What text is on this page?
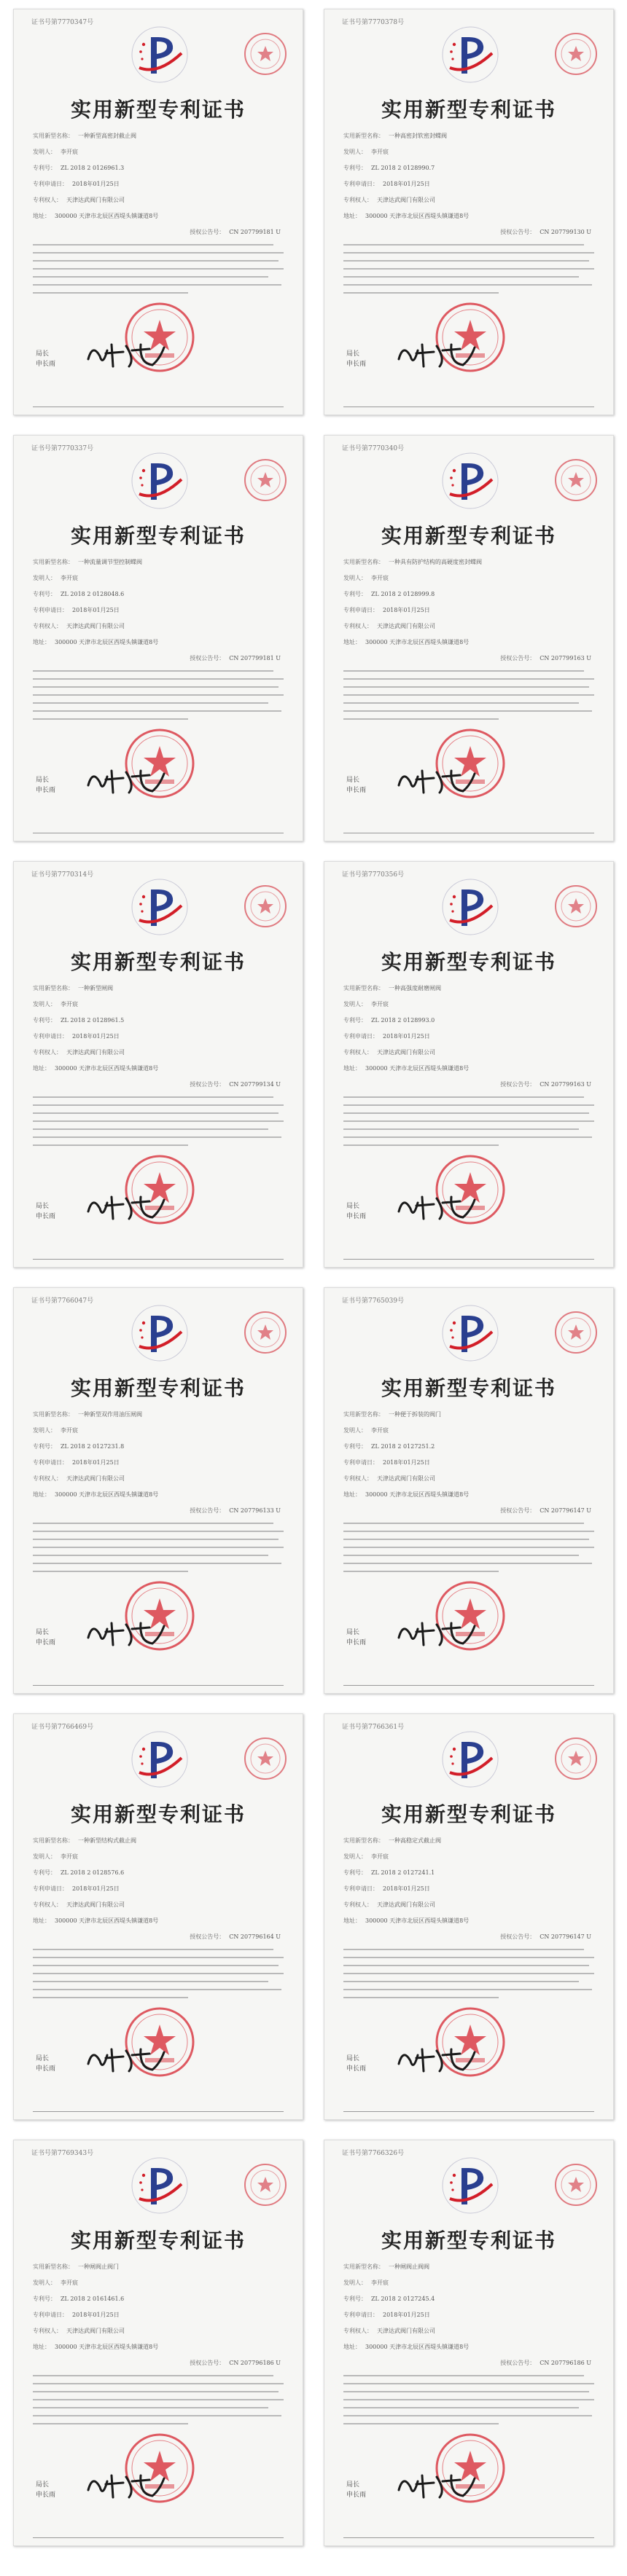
证书号第7770347号
实用新型专利证书
实用新型名称： 一种新型高密封截止阀
发明人： 李开宸
专利号： ZL 2018 2 0126961.3
专利申请日： 2018年01月25日
专利权人： 天津达武阀门有限公司
地址： 300000 天津市北辰区西堤头镇谦道8号
授权公告号： CN 207799181 U
局长
申长雨
证书号第7770378号
实用新型专利证书
实用新型名称： 一种高密封软密封蝶阀
发明人： 李开宸
专利号： ZL 2018 2 0128990.7
专利申请日： 2018年01月25日
专利权人： 天津达武阀门有限公司
地址： 300000 天津市北辰区西堤头镇谦道8号
授权公告号： CN 207799130 U
局长
申长雨
证书号第7770337号
实用新型专利证书
实用新型名称： 一种流量调节型控制蝶阀
发明人： 李开宸
专利号： ZL 2018 2 0128048.6
专利申请日： 2018年01月25日
专利权人： 天津达武阀门有限公司
地址： 300000 天津市北辰区西堤头镇谦道8号
授权公告号： CN 207799181 U
局长
申长雨
证书号第7770340号
实用新型专利证书
实用新型名称： 一种具有防护结构的高硬度密封蝶阀
发明人： 李开宸
专利号： ZL 2018 2 0128999.8
专利申请日： 2018年01月25日
专利权人： 天津达武阀门有限公司
地址： 300000 天津市北辰区西堤头镇谦道8号
授权公告号： CN 207799163 U
局长
申长雨
证书号第7770314号
实用新型专利证书
实用新型名称： 一种新型闸阀
发明人： 李开宸
专利号： ZL 2018 2 0128961.5
专利申请日： 2018年01月25日
专利权人： 天津达武阀门有限公司
地址： 300000 天津市北辰区西堤头镇谦道8号
授权公告号： CN 207799134 U
局长
申长雨
证书号第7770356号
实用新型专利证书
实用新型名称： 一种高强度耐磨闸阀
发明人： 李开宸
专利号： ZL 2018 2 0128993.0
专利申请日： 2018年01月25日
专利权人： 天津达武阀门有限公司
地址： 300000 天津市北辰区西堤头镇谦道8号
授权公告号： CN 207799163 U
局长
申长雨
证书号第7766047号
实用新型专利证书
实用新型名称： 一种新型双作用油压闸阀
发明人： 李开宸
专利号： ZL 2018 2 0127231.8
专利申请日： 2018年01月25日
专利权人： 天津达武阀门有限公司
地址： 300000 天津市北辰区西堤头镇谦道8号
授权公告号： CN 207796133 U
局长
申长雨
证书号第7765039号
实用新型专利证书
实用新型名称： 一种便于拆装的阀门
发明人： 李开宸
专利号： ZL 2018 2 0127251.2
专利申请日： 2018年01月25日
专利权人： 天津达武阀门有限公司
地址： 300000 天津市北辰区西堤头镇谦道8号
授权公告号： CN 207796147 U
局长
申长雨
证书号第7766469号
实用新型专利证书
实用新型名称： 一种新型结构式截止阀
发明人： 李开宸
专利号： ZL 2018 2 0128576.6
专利申请日： 2018年01月25日
专利权人： 天津达武阀门有限公司
地址： 300000 天津市北辰区西堤头镇谦道8号
授权公告号： CN 207796164 U
局长
申长雨
证书号第7766361号
实用新型专利证书
实用新型名称： 一种高稳定式截止阀
发明人： 李开宸
专利号： ZL 2018 2 0127241.1
专利申请日： 2018年01月25日
专利权人： 天津达武阀门有限公司
地址： 300000 天津市北辰区西堤头镇谦道8号
授权公告号： CN 207796147 U
局长
申长雨
证书号第7769343号
实用新型专利证书
实用新型名称： 一种闸阀止阀门
发明人： 李开宸
专利号： ZL 2018 2 0161461.6
专利申请日： 2018年01月25日
专利权人： 天津达武阀门有限公司
地址： 300000 天津市北辰区西堤头镇谦道8号
授权公告号： CN 207796186 U
局长
申长雨
证书号第7766326号
实用新型专利证书
实用新型名称： 一种闸阀止阀阀
发明人： 李开宸
专利号： ZL 2018 2 0127245.4
专利申请日： 2018年01月25日
专利权人： 天津达武阀门有限公司
地址： 300000 天津市北辰区西堤头镇谦道8号
授权公告号： CN 207796186 U
局长
申长雨
